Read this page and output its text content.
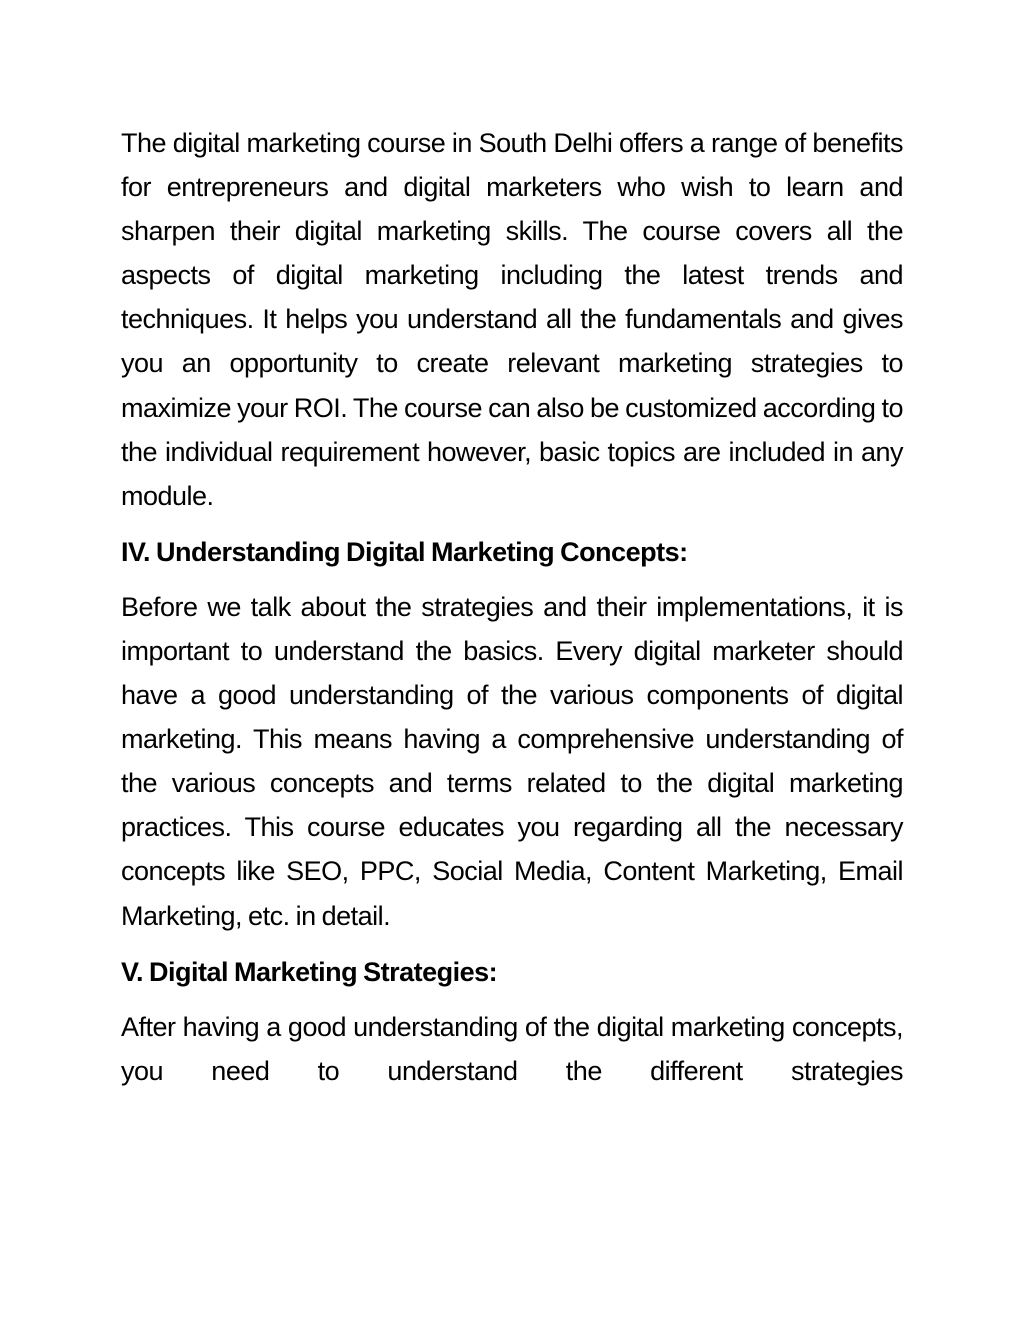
The digital marketing course in South Delhi offers a range of benefits for entrepreneurs and digital marketers who wish to learn and sharpen their digital marketing skills. The course covers all the aspects of digital marketing including the latest trends and techniques. It helps you understand all the fundamentals and gives you an opportunity to create relevant marketing strategies to maximize your ROI. The course can also be customized according to the individual requirement however, basic topics are included in any module.

IV. Understanding Digital Marketing Concepts:

Before we talk about the strategies and their implementations, it is important to understand the basics. Every digital marketer should have a good understanding of the various components of digital marketing. This means having a comprehensive understanding of the various concepts and terms related to the digital marketing practices. This course educates you regarding all the necessary concepts like SEO, PPC, Social Media, Content Marketing, Email Marketing, etc. in detail.

V. Digital Marketing Strategies:

After having a good understanding of the digital marketing concepts, you need to understand the different strategies
